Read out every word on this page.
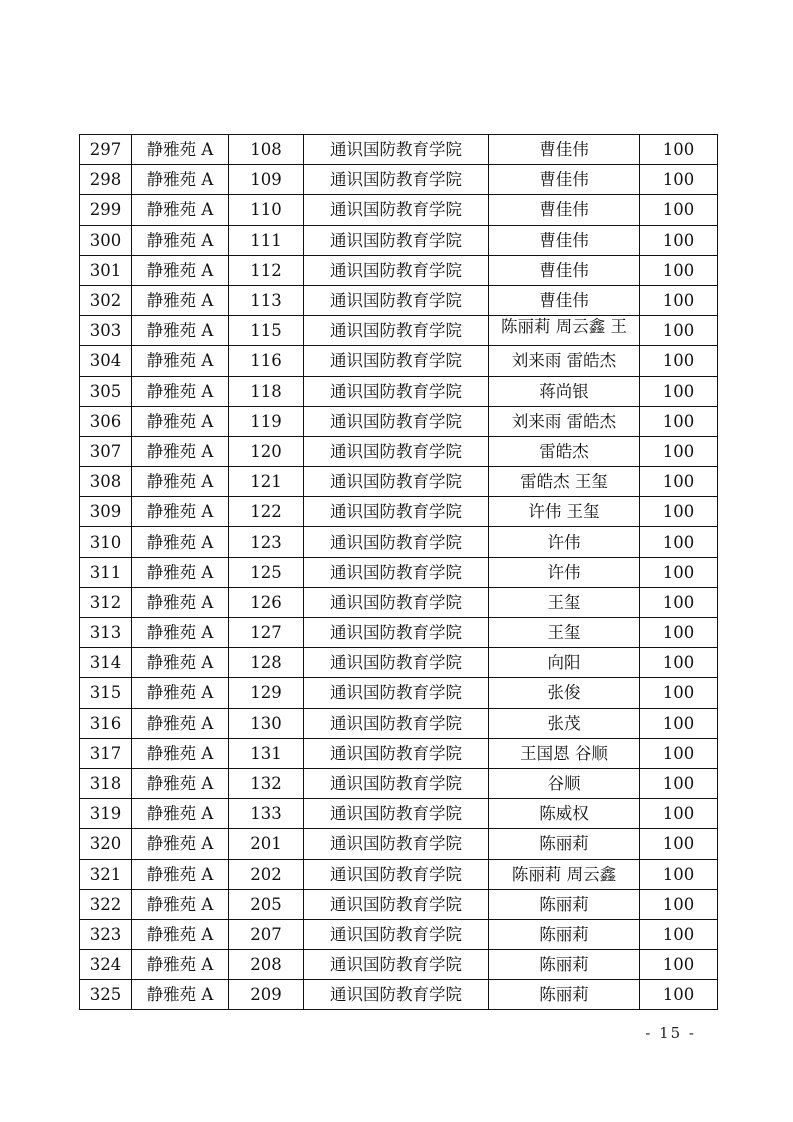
297	静雅苑 A	108	通识国防教育学院	曹佳伟	100
298	静雅苑 A	109	通识国防教育学院	曹佳伟	100
299	静雅苑 A	110	通识国防教育学院	曹佳伟	100
300	静雅苑 A	111	通识国防教育学院	曹佳伟	100
301	静雅苑 A	112	通识国防教育学院	曹佳伟	100
302	静雅苑 A	113	通识国防教育学院	曹佳伟	100
303	静雅苑 A	115	通识国防教育学院	陈丽莉 周云鑫 王	100
304	静雅苑 A	116	通识国防教育学院	刘来雨 雷皓杰	100
305	静雅苑 A	118	通识国防教育学院	蒋尚银	100
306	静雅苑 A	119	通识国防教育学院	刘来雨 雷皓杰	100
307	静雅苑 A	120	通识国防教育学院	雷皓杰	100
308	静雅苑 A	121	通识国防教育学院	雷皓杰 王玺	100
309	静雅苑 A	122	通识国防教育学院	许伟 王玺	100
310	静雅苑 A	123	通识国防教育学院	许伟	100
311	静雅苑 A	125	通识国防教育学院	许伟	100
312	静雅苑 A	126	通识国防教育学院	王玺	100
313	静雅苑 A	127	通识国防教育学院	王玺	100
314	静雅苑 A	128	通识国防教育学院	向阳	100
315	静雅苑 A	129	通识国防教育学院	张俊	100
316	静雅苑 A	130	通识国防教育学院	张茂	100
317	静雅苑 A	131	通识国防教育学院	王国恩 谷顺	100
318	静雅苑 A	132	通识国防教育学院	谷顺	100
319	静雅苑 A	133	通识国防教育学院	陈威权	100
320	静雅苑 A	201	通识国防教育学院	陈丽莉	100
321	静雅苑 A	202	通识国防教育学院	陈丽莉 周云鑫	100
322	静雅苑 A	205	通识国防教育学院	陈丽莉	100
323	静雅苑 A	207	通识国防教育学院	陈丽莉	100
324	静雅苑 A	208	通识国防教育学院	陈丽莉	100
325	静雅苑 A	209	通识国防教育学院	陈丽莉	100
- 15 -
